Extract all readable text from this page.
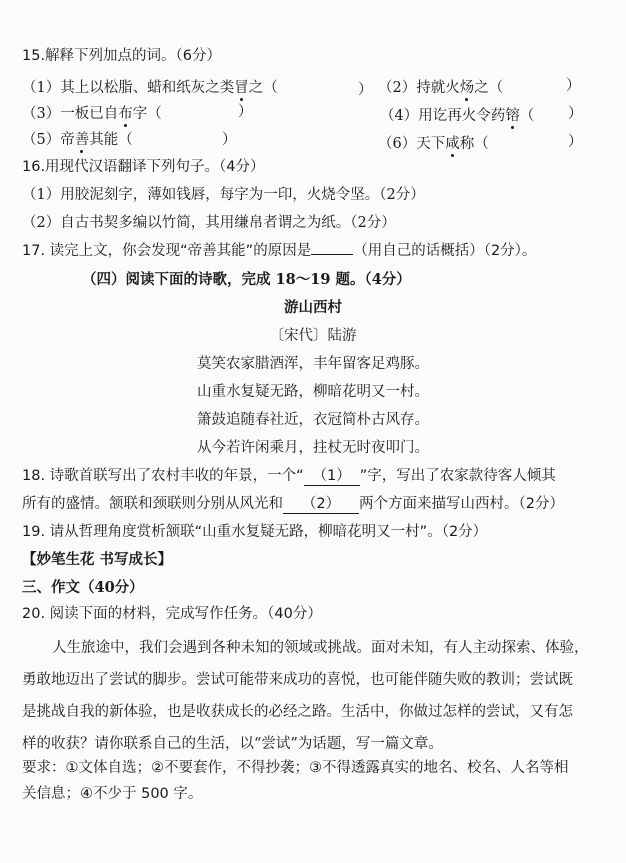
15.解释下列加点的词。（6分）
（1）其上以松脂、蜡和纸灰之类冒之（	） （2）持就火炀之（	）
（3）一板已自布字（	）	（4）用讫再火令药镕（ ）
（5）帝善其能（	）	（6）天下咸称（	）
16.用现代汉语翻译下列句子。（4分）
（1）用胶泥刻字，薄如钱唇，每字为一印，火烧令坚。（2分）
（2）自古书契多编以竹简，其用缣帛者谓之为纸。（2分）
17. 读完上文，你会发现“帝善其能”的原因是	（用自己的话概括）（2分）。
（四）阅读下面的诗歌，完成 18～19 题。（4分）
游山西村
〔宋代〕陆游
莫笑农家腊酒浑，丰年留客足鸡豚。
山重水复疑无路，柳暗花明又一村。
箫鼓追随春社近，衣冠简朴古风存。
从今若许闲乘月，拄杖无时夜叩门。
18. 诗歌首联写出了农村丰收的年景，一个“ （1） ”字，写出了农家款待客人倾其
所有的盛情。颔联和颈联则分别从风光和 （2） 两个方面来描写山西村。（2分）
19. 请从哲理角度赏析颔联“山重水复疑无路，柳暗花明又一村”。（2分）
【妙笔生花 书写成长】
三、作文（40分）
20. 阅读下面的材料，完成写作任务。（40分）
人生旅途中，我们会遇到各种未知的领域或挑战。面对未知，有人主动探索、体验，
勇敢地迈出了尝试的脚步。尝试可能带来成功的喜悦，也可能伴随失败的教训；尝试既
是挑战自我的新体验，也是收获成长的必经之路。生活中，你做过怎样的尝试，又有怎
样的收获？请你联系自己的生活，以“尝试”为话题，写一篇文章。
要求：①文体自选；②不要套作，不得抄袭；③不得透露真实的地名、校名、人名等相
关信息；④不少于 500 字。
